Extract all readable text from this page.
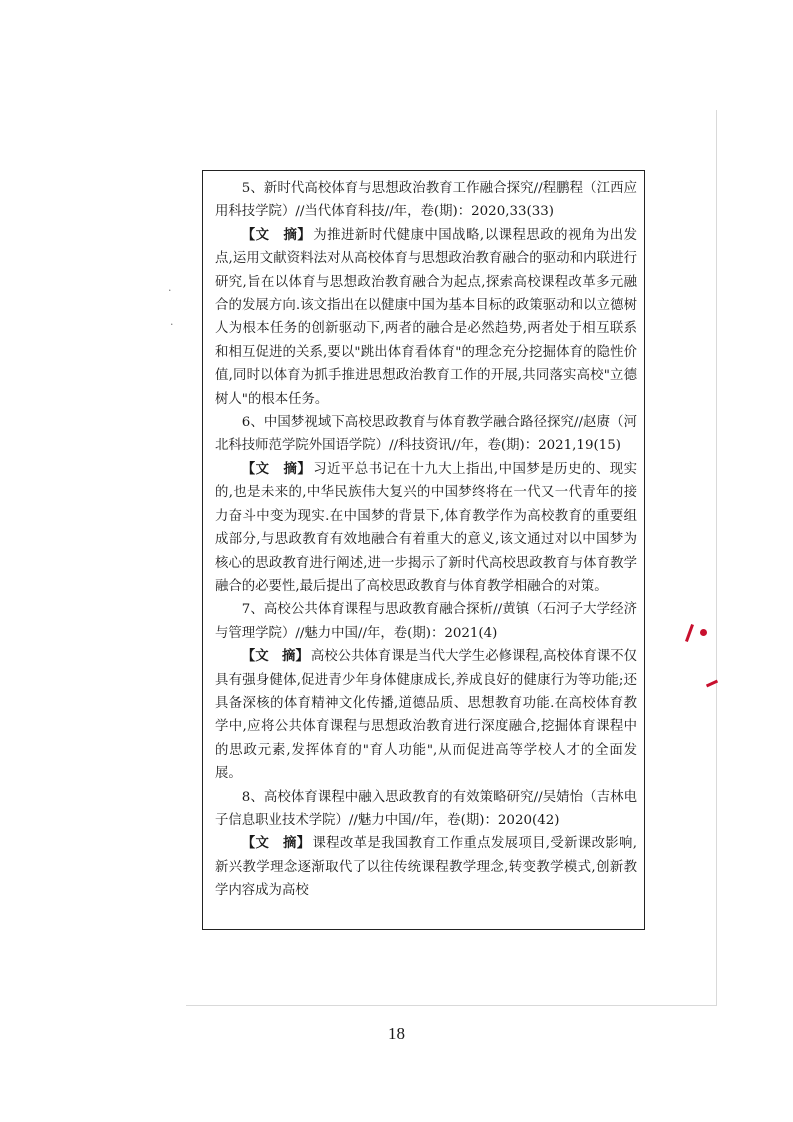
5、新时代高校体育与思想政治教育工作融合探究//程鹏程（江西应用科技学院）//当代体育科技//年，卷(期)：2020,33(33)

【文　摘】 为推进新时代健康中国战略,以课程思政的视角为出发点,运用文献资料法对从高校体育与思想政治教育融合的驱动和内联进行研究,旨在以体育与思想政治教育融合为起点,探索高校课程改革多元融合的发展方向.该文指出在以健康中国为基本目标的政策驱动和以立德树人为根本任务的创新驱动下,两者的融合是必然趋势,两者处于相互联系和相互促进的关系,要以"跳出体育看体育"的理念充分挖掘体育的隐性价值,同时以体育为抓手推进思想政治教育工作的开展,共同落实高校"立德树人"的根本任务。

6、中国梦视域下高校思政教育与体育教学融合路径探究//赵赓（河北科技师范学院外国语学院）//科技资讯//年，卷(期)：2021,19(15)

【文　摘】 习近平总书记在十九大上指出,中国梦是历史的、现实的,也是未来的,中华民族伟大复兴的中国梦终将在一代又一代青年的接力奋斗中变为现实.在中国梦的背景下,体育教学作为高校教育的重要组成部分,与思政教育有效地融合有着重大的意义,该文通过对以中国梦为核心的思政教育进行阐述,进一步揭示了新时代高校思政教育与体育教学融合的必要性,最后提出了高校思政教育与体育教学相融合的对策。

7、高校公共体育课程与思政教育融合探析//黄镇（石河子大学经济与管理学院）//魅力中国//年，卷(期)：2021(4)

【文　摘】 高校公共体育课是当代大学生必修课程,高校体育课不仅具有强身健体,促进青少年身体健康成长,养成良好的健康行为等功能;还具备深核的体育精神文化传播,道德品质、思想教育功能.在高校体育教学中,应将公共体育课程与思想政治教育进行深度融合,挖掘体育课程中的思政元素,发挥体育的"育人功能",从而促进高等学校人才的全面发展。

8、高校体育课程中融入思政教育的有效策略研究//吴婧怡（吉林电子信息职业技术学院）//魅力中国//年，卷(期)：2020(42)

【文　摘】 课程改革是我国教育工作重点发展项目,受新课改影响,新兴教学理念逐渐取代了以往传统课程教学理念,转变教学模式,创新教学内容成为高校

18
·
·
